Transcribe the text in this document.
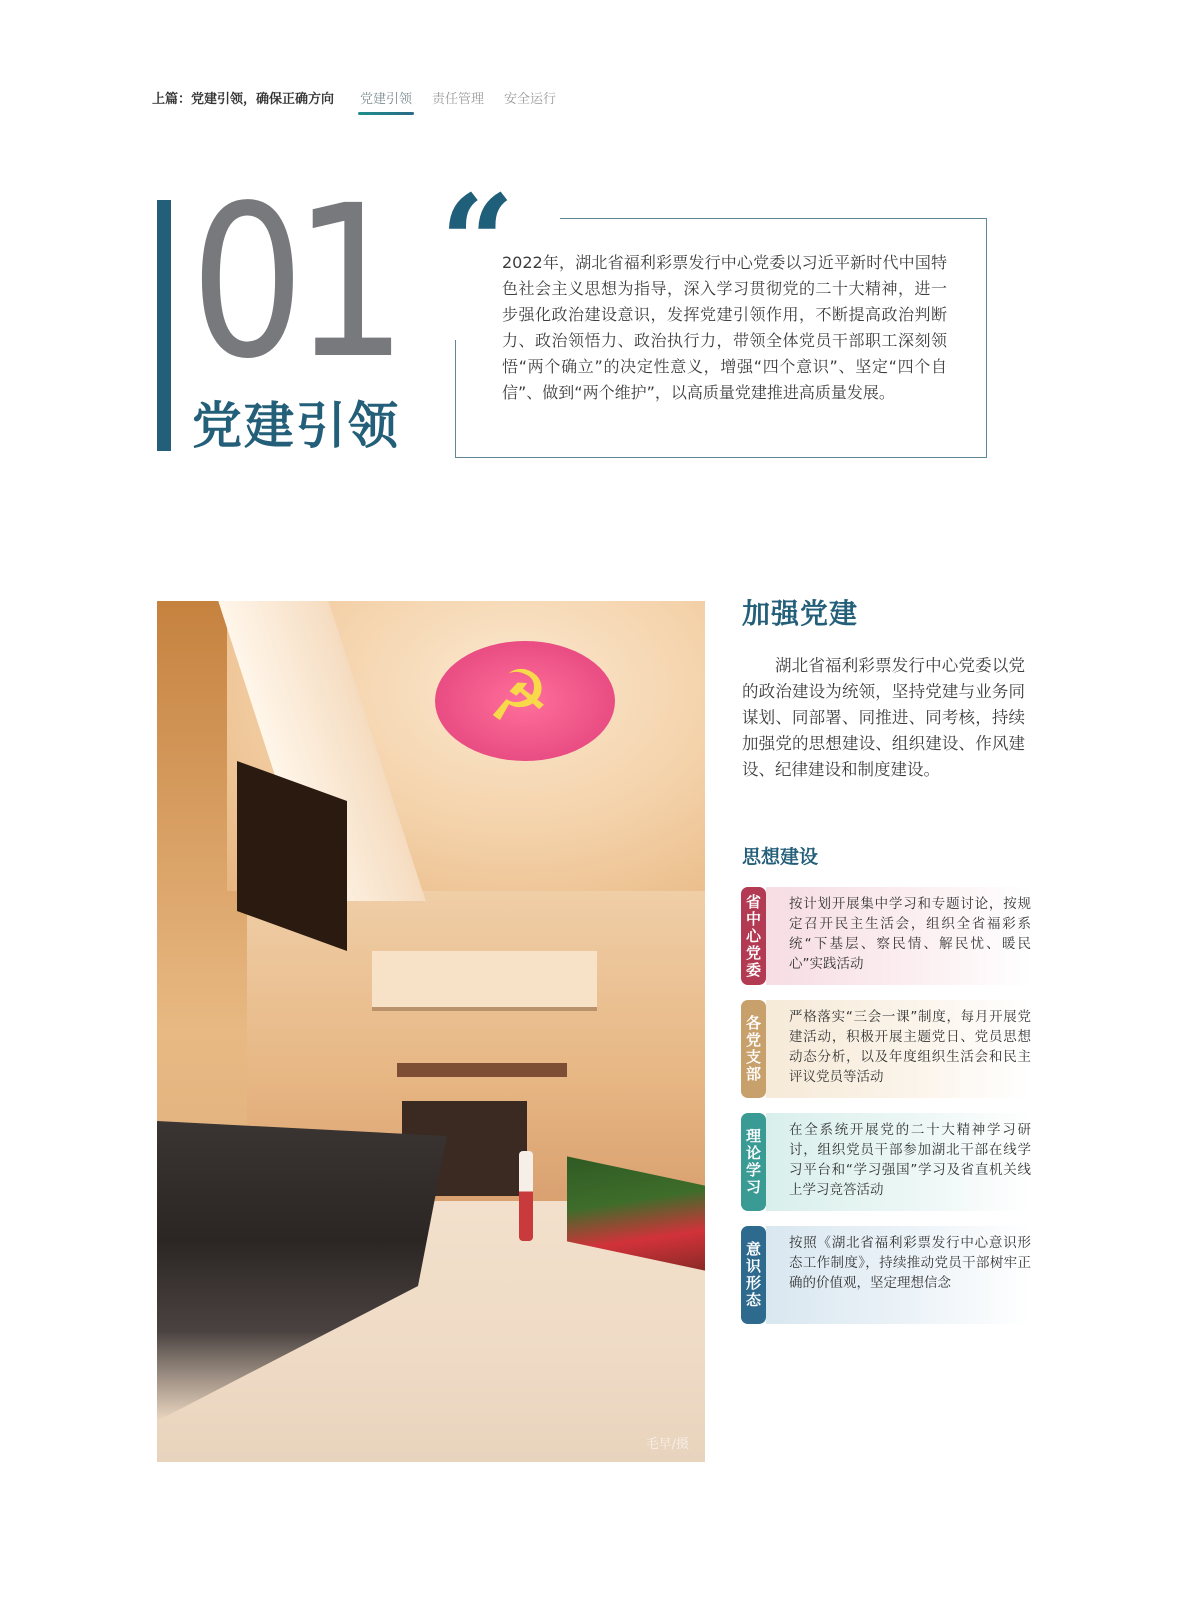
上篇：党建引领，确保正确方向 党建引领 责任管理 安全运行
01
党建引领
“
2022年，湖北省福利彩票发行中心党委以习近平新时代中国特色社会主义思想为指导，深入学习贯彻党的二十大精神，进一步强化政治建设意识，发挥党建引领作用，不断提高政治判断力、政治领悟力、政治执行力，带领全体党员干部职工深刻领悟“两个确立”的决定性意义，增强“四个意识”、坚定“四个自信”、做到“两个维护”，以高质量党建推进高质量发展。
☭
毛早/摄
加强党建
湖北省福利彩票发行中心党委以党的政治建设为统领，坚持党建与业务同谋划、同部署、同推进、同考核，持续加强党的思想建设、组织建设、作风建设、纪律建设和制度建设。
思想建设
省
中
心
党
委
按计划开展集中学习和专题讨论，按规定召开民主生活会，组织全省福彩系统“下基层、察民情、解民忧、暖民心”实践活动
各
党
支
部
严格落实“三会一课”制度，每月开展党建活动，积极开展主题党日、党员思想动态分析，以及年度组织生活会和民主评议党员等活动
理
论
学
习
在全系统开展党的二十大精神学习研讨，组织党员干部参加湖北干部在线学习平台和“学习强国”学习及省直机关线上学习竞答活动
意
识
形
态
按照《湖北省福利彩票发行中心意识形态工作制度》，持续推动党员干部树牢正确的价值观，坚定理想信念
